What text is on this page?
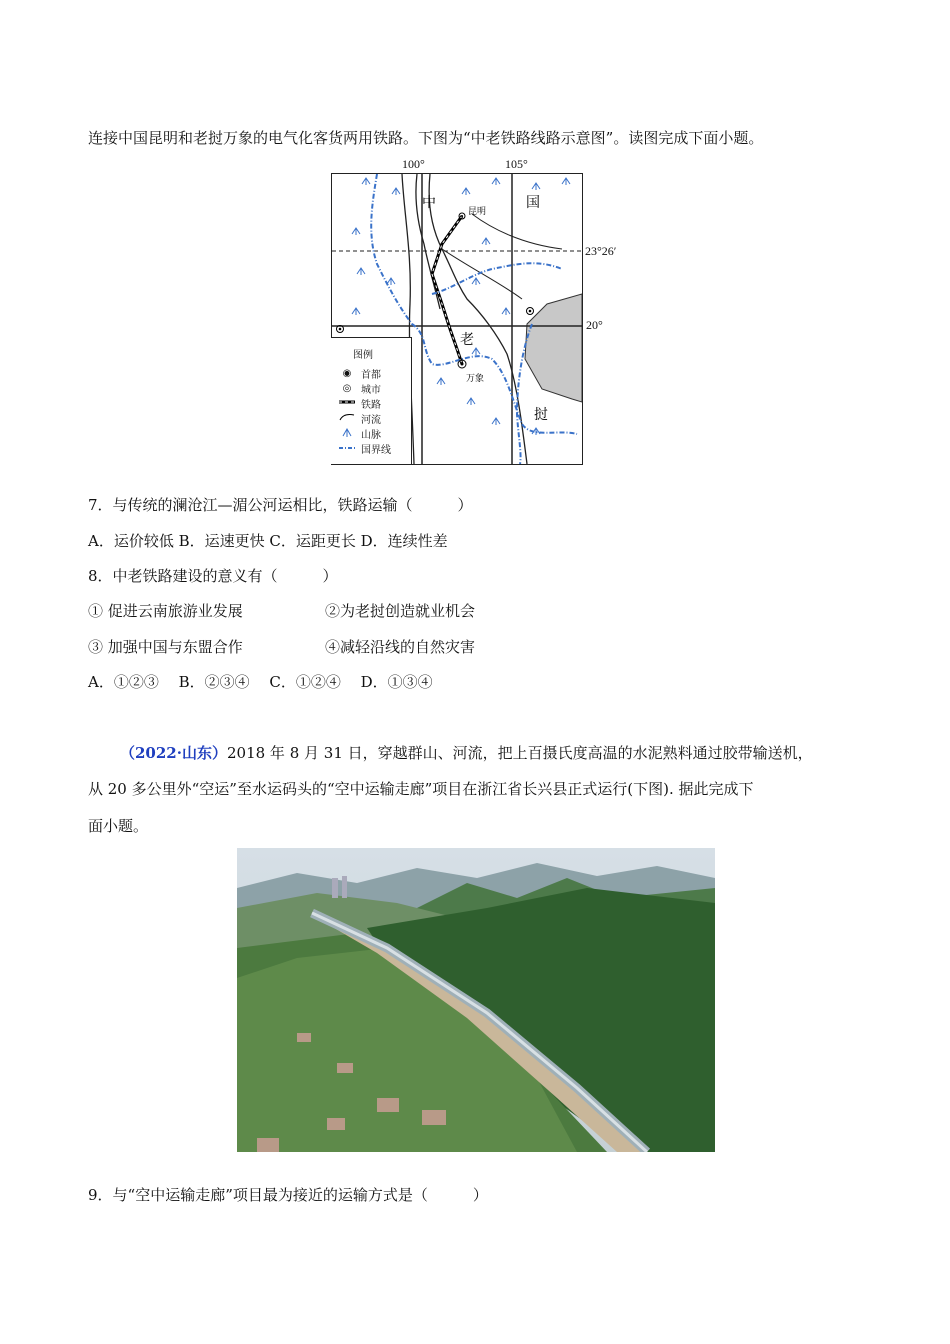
连接中国昆明和老挝万象的电气化客货两用铁路。下图为“中老铁路线路示意图”。读图完成下面小题。
100°	105°
23°26′
20°
中	国
昆明
老
挝
万象
图例
◉ 首都
◎ 城市
铁路
河流
山脉
国界线
7．与传统的澜沧江—湄公河运相比，铁路运输（　　　）
A．运价较低 B．运速更快 C．运距更长 D．连续性差
8．中老铁路建设的意义有（　　　）
① 促进云南旅游业发展	②为老挝创造就业机会
③ 加强中国与东盟合作	④减轻沿线的自然灾害
A．①②③　 B．②③④　 C．①②④　 D．①③④
（2022·山东）2018 年 8 月 31 日，穿越群山、河流，把上百摄氏度高温的水泥熟料通过胶带输送机，
从 20 多公里外“空运”至水运码头的“空中运输走廊”项目在浙江省长兴县正式运行(下图). 据此完成下
面小题。
9．与“空中运输走廊”项目最为接近的运输方式是（　　　）
